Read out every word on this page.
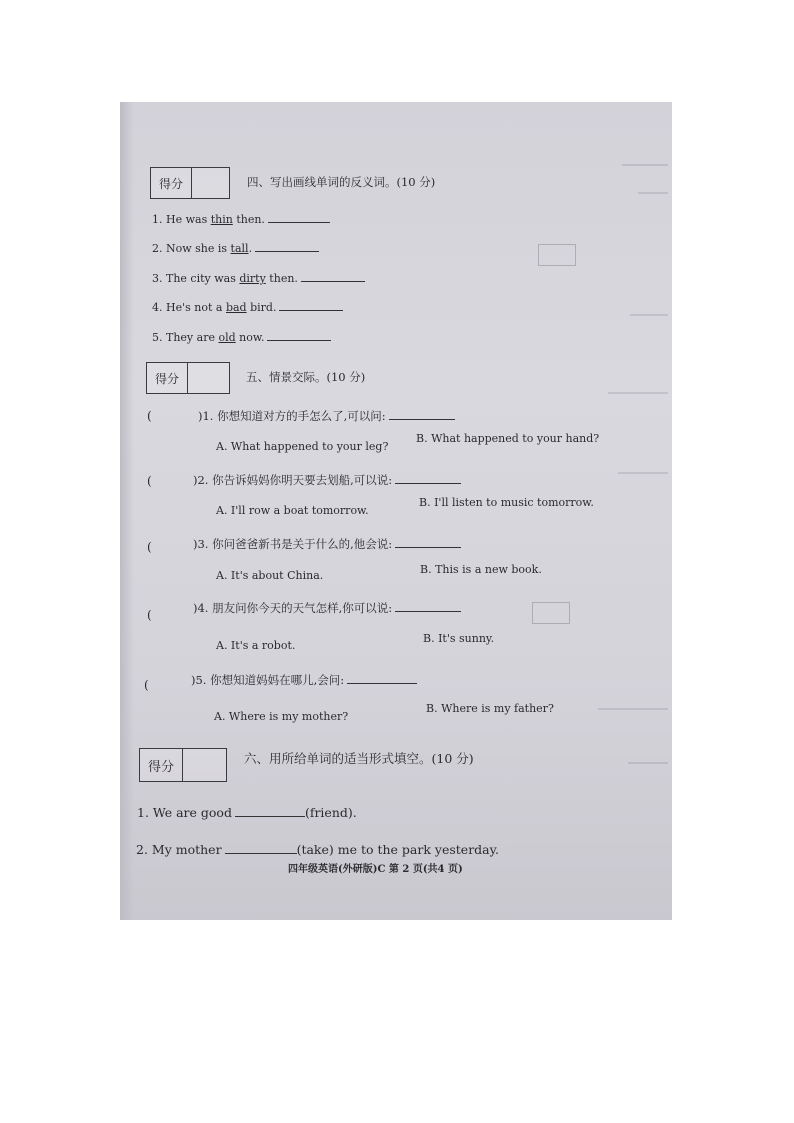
得分	四、写出画线单词的反义词。(10 分)
1. He was thin then.
2. Now she is tall.
3. The city was dirty then.
4. He's not a bad bird.
5. They are old now.
得分	五、情景交际。(10 分)
(	)1. 你想知道对方的手怎么了,可以问:
A. What happened to your leg?
B. What happened to your hand?
(	)2. 你告诉妈妈你明天要去划船,可以说:
A. I'll row a boat tomorrow.
B. I'll listen to music tomorrow.
(	)3. 你问爸爸新书是关于什么的,他会说:
A. It's about China.	B. This is a new book.
(	)4. 朋友问你今天的天气怎样,你可以说:
A. It's a robot.
B. It's sunny.
(	)5. 你想知道妈妈在哪儿,会问:
A. Where is my mother?
B. Where is my father?
得分
六、用所给单词的适当形式填空。(10 分)
1. We are good	(friend).
2. My mother	(take) me to the park yesterday.
四年级英语(外研版)C 第 2 页(共4 页)
